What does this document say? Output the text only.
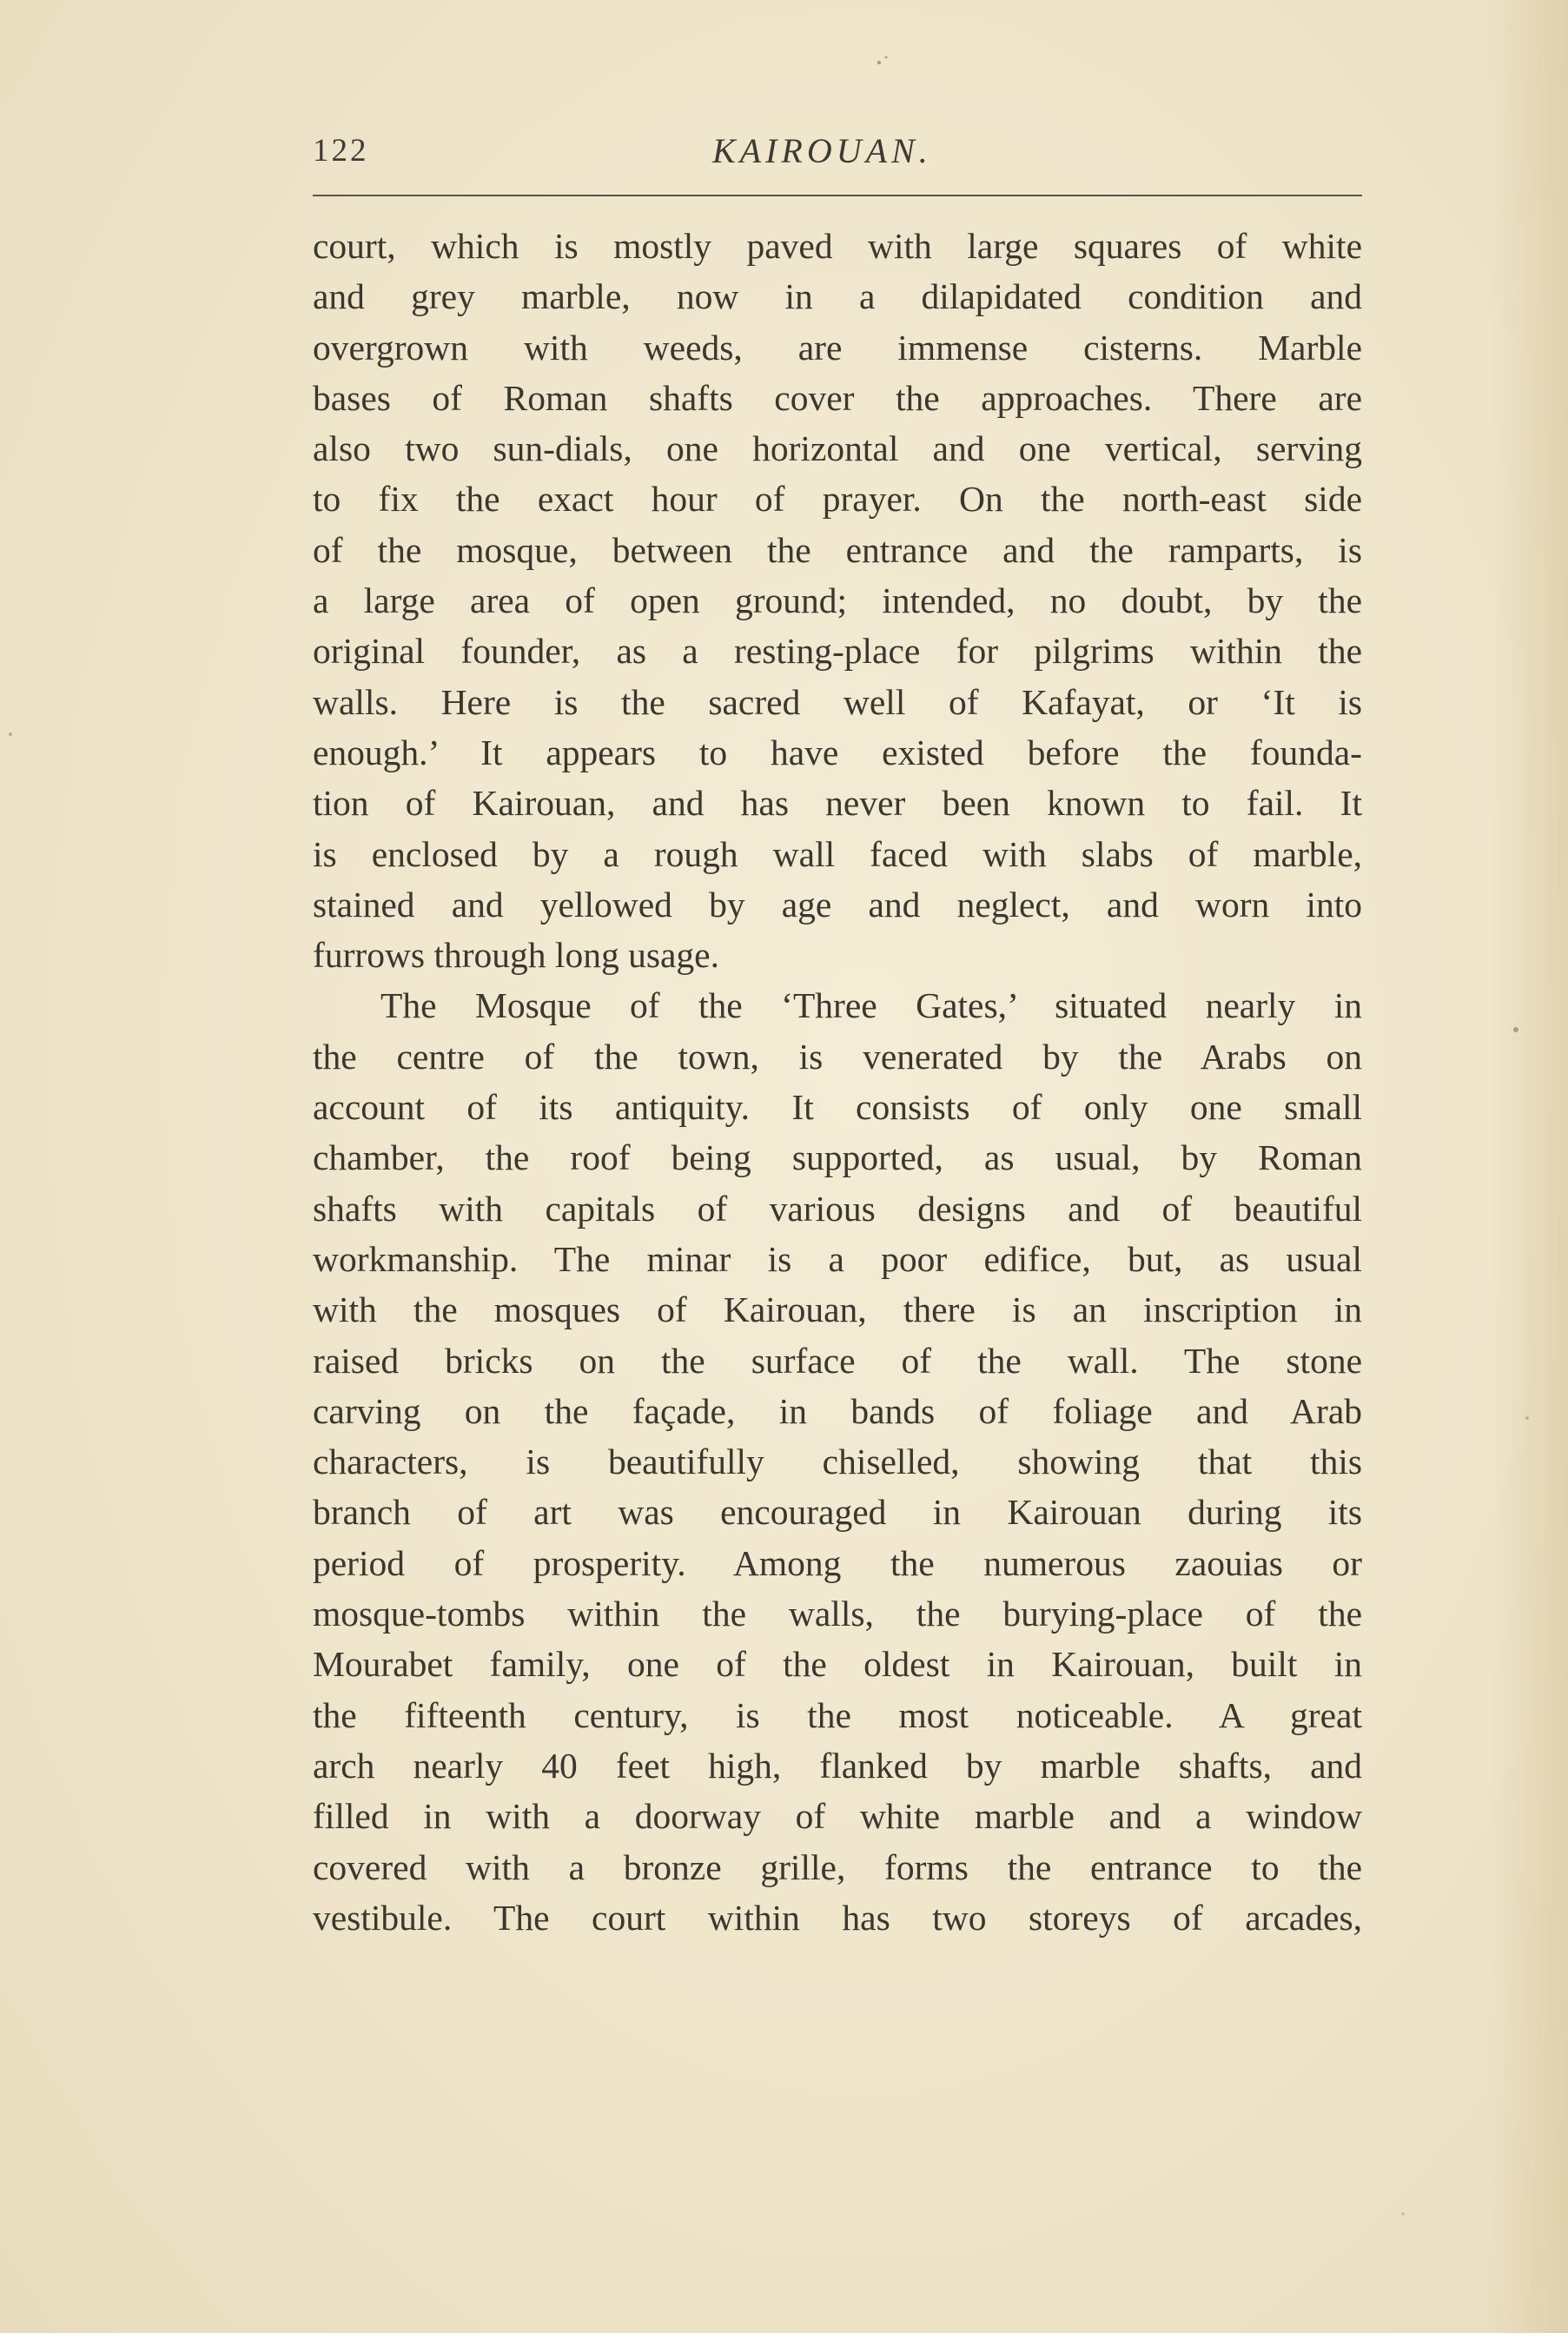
122	KAIROUAN.
court, which is mostly paved with large squares of white
and grey marble, now in a dilapidated condition and
overgrown with weeds, are immense cisterns. Marble
bases of Roman shafts cover the approaches. There are
also two sun-dials, one horizontal and one vertical, serving
to fix the exact hour of prayer. On the north-east side
of the mosque, between the entrance and the ramparts, is
a large area of open ground; intended, no doubt, by the
original founder, as a resting-place for pilgrims within the
walls. Here is the sacred well of Kafayat, or ‘It is
enough.’ It appears to have existed before the founda-
tion of Kairouan, and has never been known to fail. It
is enclosed by a rough wall faced with slabs of marble,
stained and yellowed by age and neglect, and worn into
furrows through long usage.
The Mosque of the ‘Three Gates,’ situated nearly in
the centre of the town, is venerated by the Arabs on
account of its antiquity. It consists of only one small
chamber, the roof being supported, as usual, by Roman
shafts with capitals of various designs and of beautiful
workmanship. The minar is a poor edifice, but, as usual
with the mosques of Kairouan, there is an inscription in
raised bricks on the surface of the wall. The stone
carving on the façade, in bands of foliage and Arab
characters, is beautifully chiselled, showing that this
branch of art was encouraged in Kairouan during its
period of prosperity. Among the numerous zaouias or
mosque-tombs within the walls, the burying-place of the
Mourabet family, one of the oldest in Kairouan, built in
the fifteenth century, is the most noticeable. A great
arch nearly 40 feet high, flanked by marble shafts, and
filled in with a doorway of white marble and a window
covered with a bronze grille, forms the entrance to the
vestibule. The court within has two storeys of arcades,
